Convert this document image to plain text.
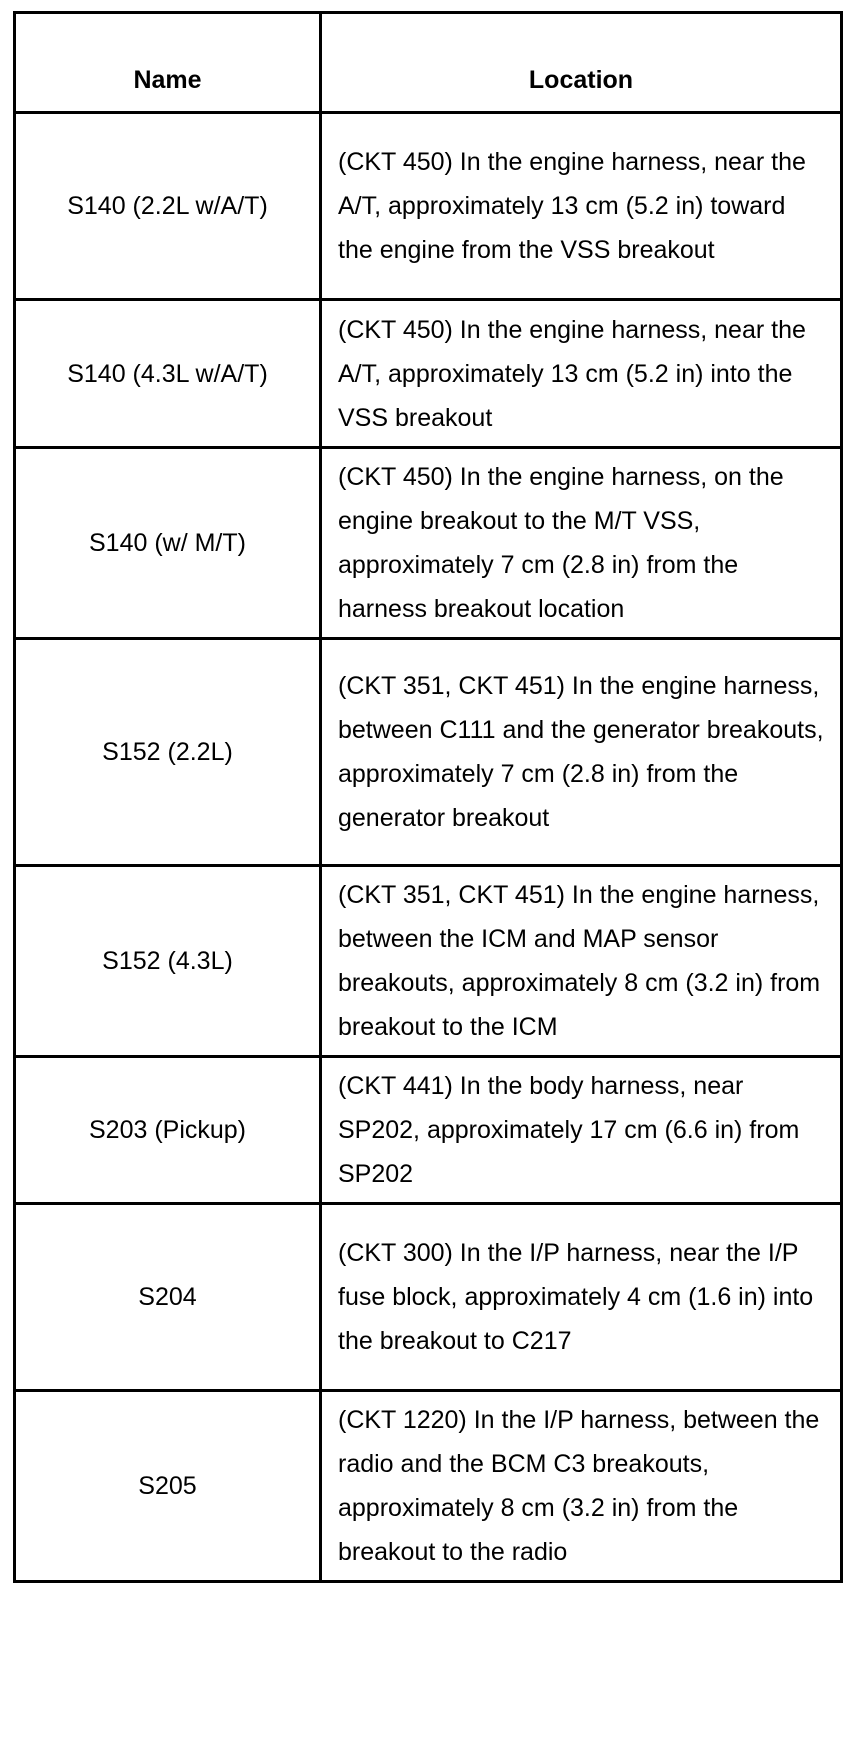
Name	Location
S140 (2.2L w/A/T)	(CKT 450) In the engine harness, near the A/T, approximately 13 cm (5.2 in) toward the engine from the VSS breakout
S140 (4.3L w/A/T)	(CKT 450) In the engine harness, near the A/T, approximately 13 cm (5.2 in) into the VSS breakout
S140 (w/ M/T)	(CKT 450) In the engine harness, on the engine breakout to the M/T VSS, approximately 7 cm (2.8 in) from the harness breakout location
S152 (2.2L)	(CKT 351, CKT 451) In the engine harness, between C111 and the generator breakouts, approximately 7 cm (2.8 in) from the generator breakout
S152 (4.3L)	(CKT 351, CKT 451) In the engine harness, between the ICM and MAP sensor breakouts, approximately 8 cm (3.2 in) from breakout to the ICM
S203 (Pickup)	(CKT 441) In the body harness, near SP202, approximately 17 cm (6.6 in) from SP202
S204	(CKT 300) In the I/P harness, near the I/P fuse block, approximately 4 cm (1.6 in) into the breakout to C217
S205	(CKT 1220) In the I/P harness, between the radio and the BCM C3 breakouts, approximately 8 cm (3.2 in) from the breakout to the radio
